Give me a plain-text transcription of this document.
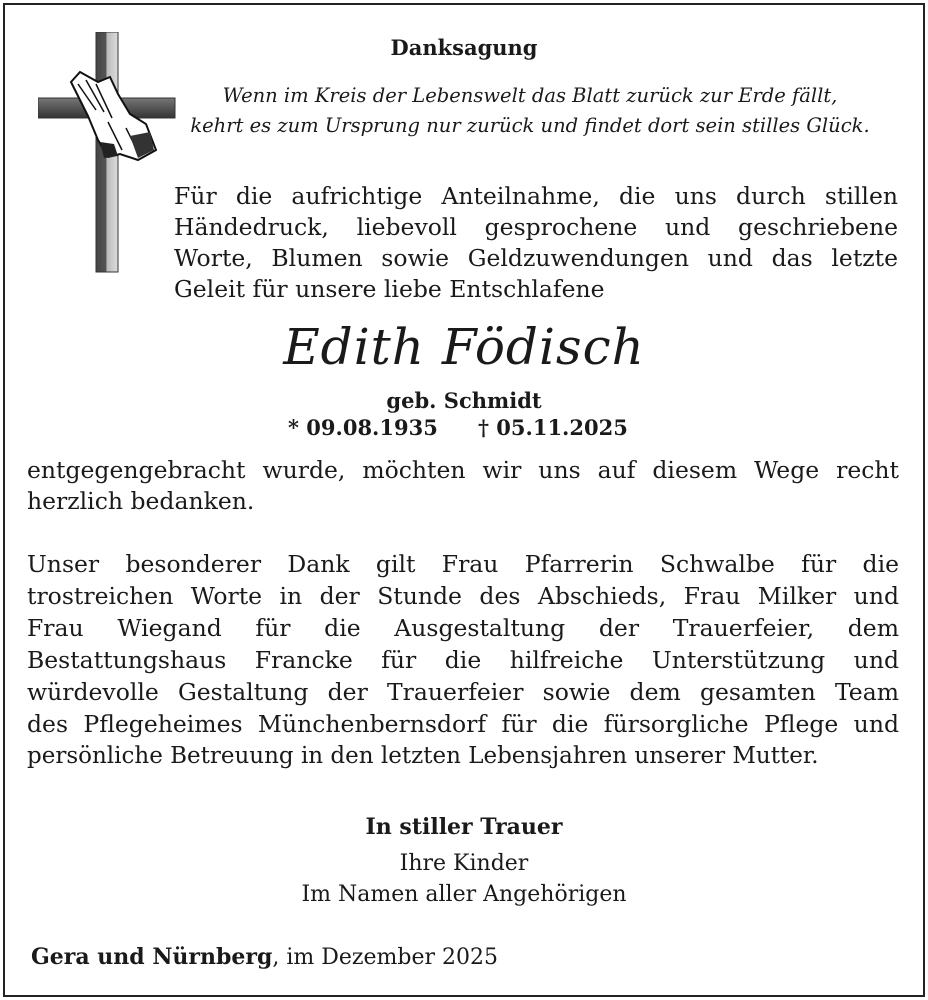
Danksagung
Wenn im Kreis der Lebenswelt das Blatt zurück zur Erde fällt,
kehrt es zum Ursprung nur zurück und findet dort sein stilles Glück.
Für die aufrichtige Anteilnahme, die uns durch stillen
Händedruck, liebevoll gesprochene und geschriebene
Worte, Blumen sowie Geldzuwendungen und das letzte
Geleit für unsere liebe Entschlafene
Edith Födisch
geb. Schmidt
* 09.08.1935 † 05.11.2025
entgegengebracht wurde, möchten wir uns auf diesem Wege recht
herzlich bedanken.
Unser besonderer Dank gilt Frau Pfarrerin Schwalbe für die
trostreichen Worte in der Stunde des Abschieds, Frau Milker und
Frau Wiegand für die Ausgestaltung der Trauerfeier, dem
Bestattungshaus Francke für die hilfreiche Unterstützung und
würdevolle Gestaltung der Trauerfeier sowie dem gesamten Team
des Pflegeheimes Münchenbernsdorf für die fürsorgliche Pflege und
persönliche Betreuung in den letzten Lebensjahren unserer Mutter.
In stiller Trauer
Ihre Kinder
Im Namen aller Angehörigen
Gera und Nürnberg, im Dezember 2025
